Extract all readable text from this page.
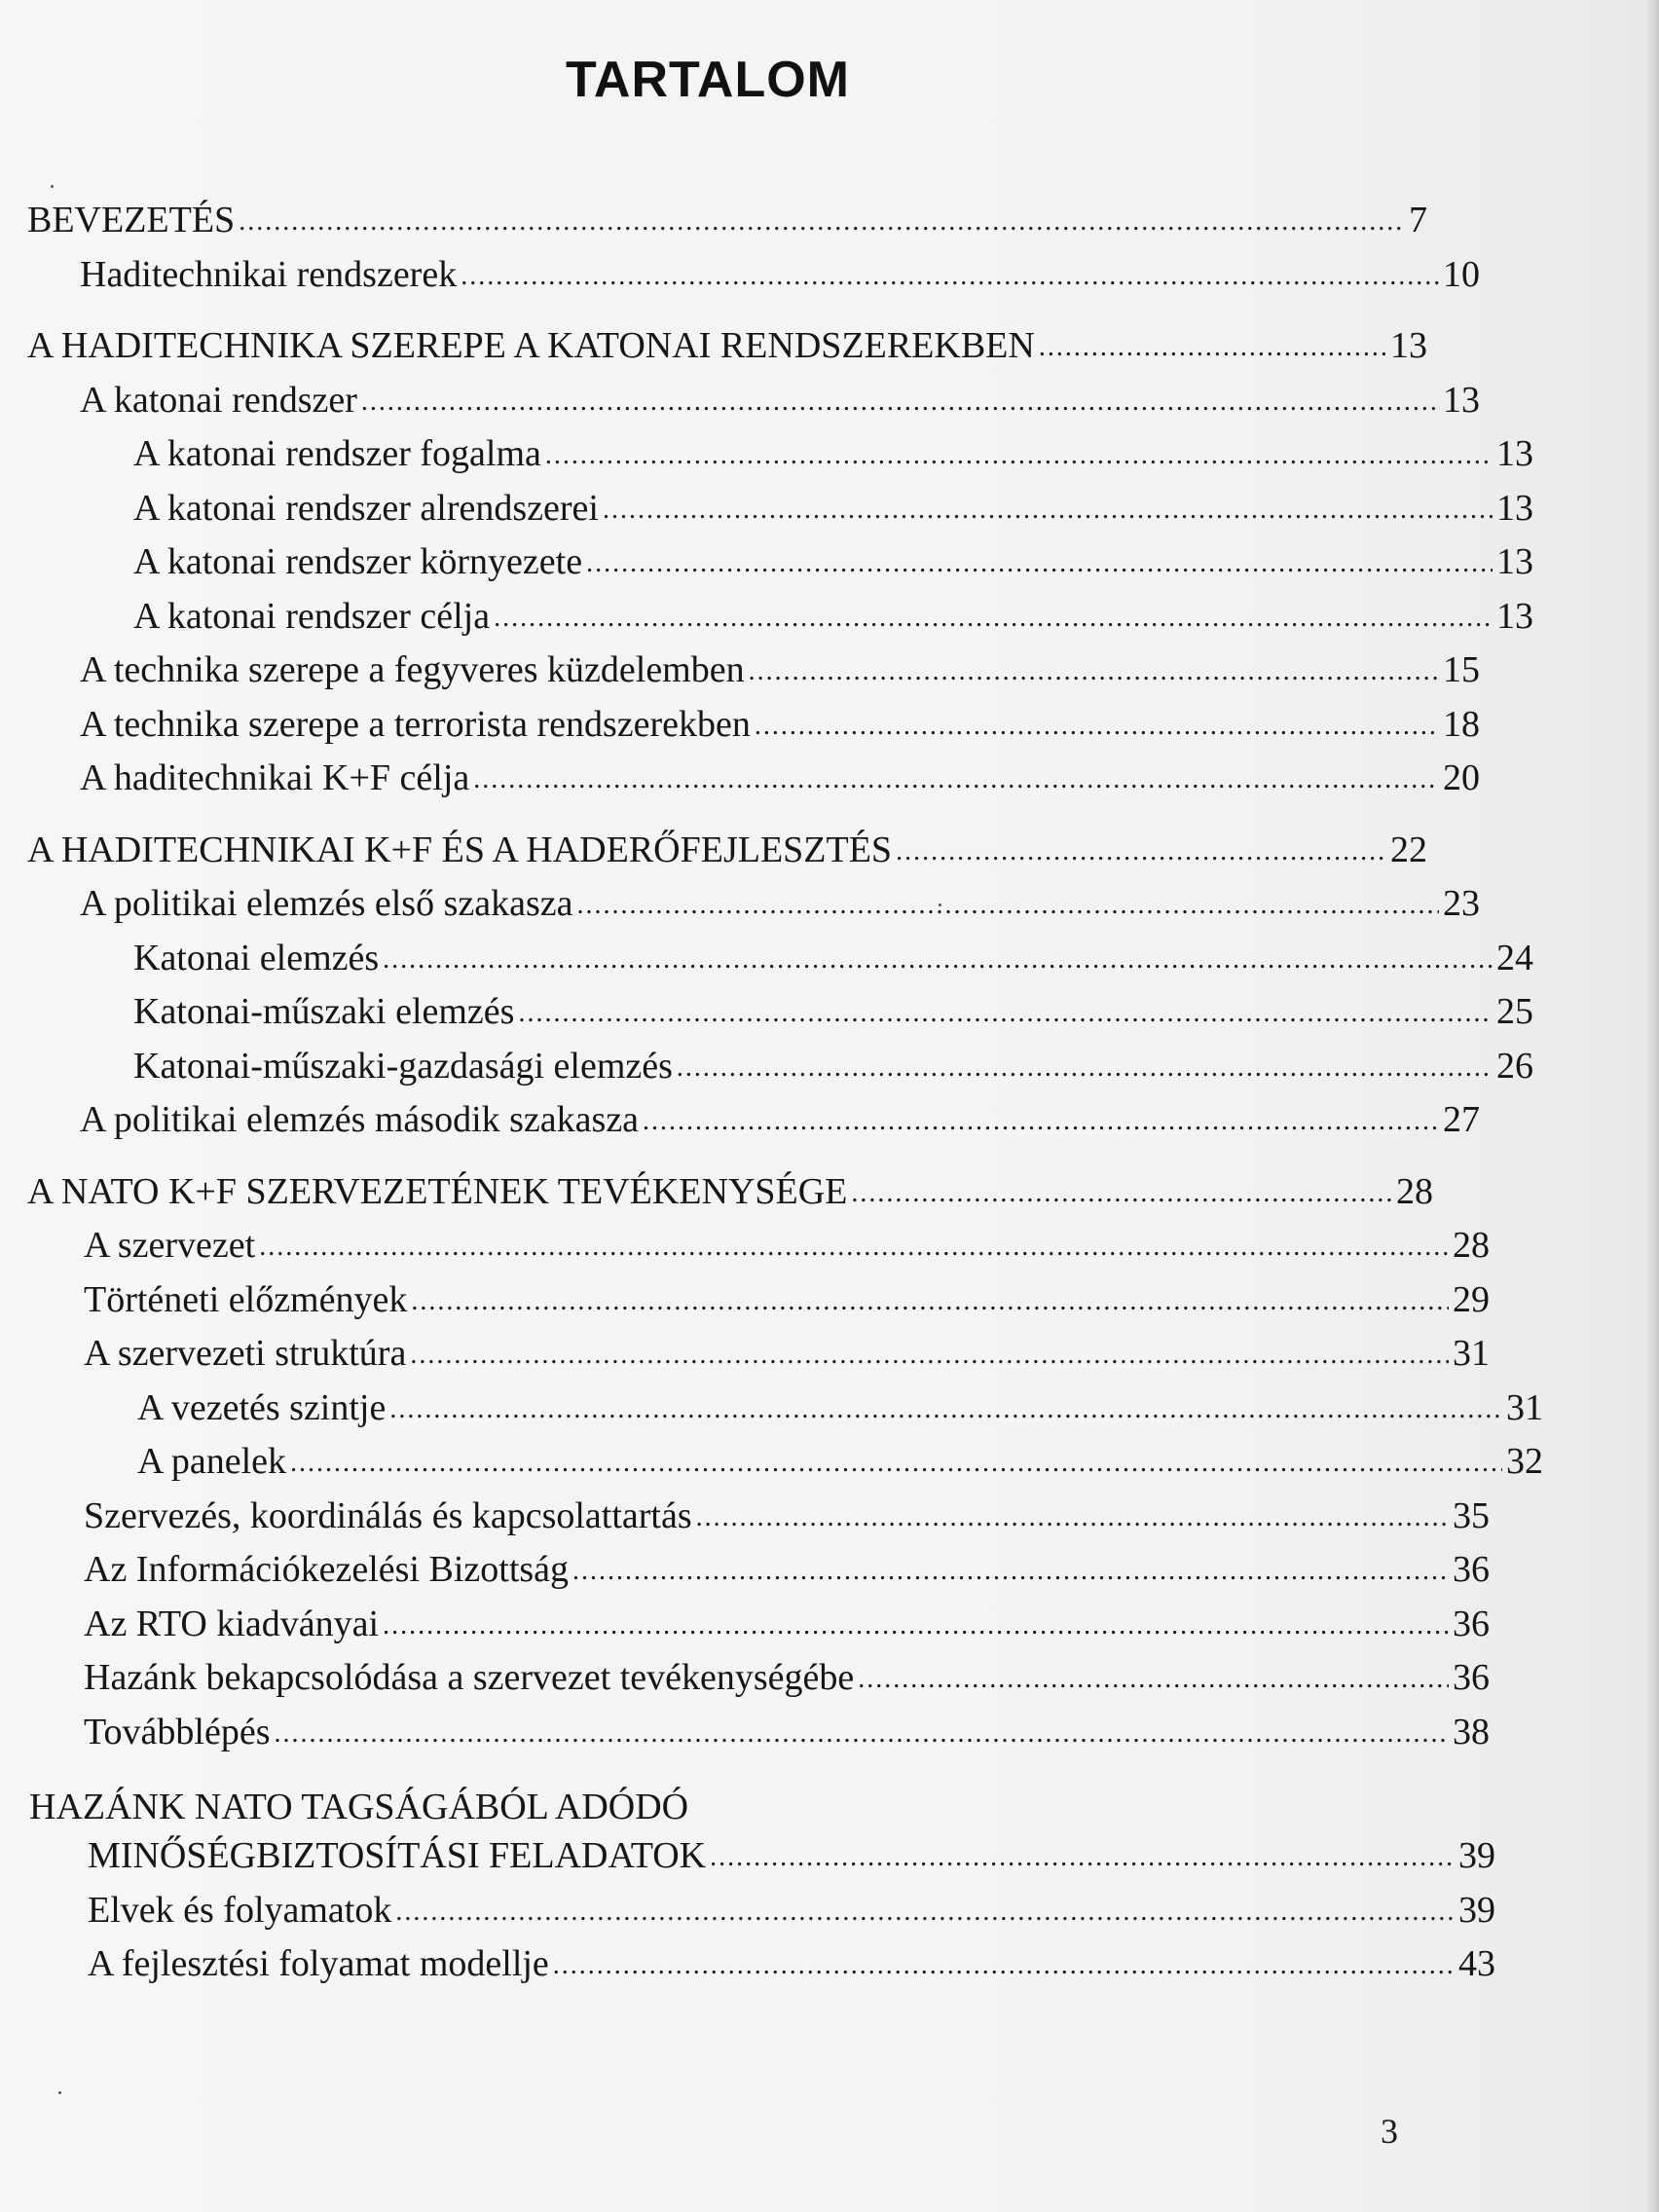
TARTALOM
BEVEZETÉS .....	7
Haditechnikai rendszerek .....	10
A HADITECHNIKA SZEREPE A KATONAI RENDSZEREKBEN .....	13
A katonai rendszer .....	13
A katonai rendszer fogalma .....	13
A katonai rendszer alrendszerei .....	13
A katonai rendszer környezete .....	13
A katonai rendszer célja .....	13
A technika szerepe a fegyveres küzdelemben .....	15
A technika szerepe a terrorista rendszerekben .....	18
A haditechnikai K+F célja .....	20
A HADITECHNIKAI K+F ÉS A HADERŐFEJLESZTÉS .....	22
A politikai elemzés első szakasza .....	23
Katonai elemzés .....	24
Katonai-műszaki elemzés .....	25
Katonai-műszaki-gazdasági elemzés .....	26
A politikai elemzés második szakasza .....	27
A NATO K+F SZERVEZETÉNEK TEVÉKENYSÉGE .....	28
A szervezet .....	28
Történeti előzmények .....	29
A szervezeti struktúra .....	31
A vezetés szintje .....	31
A panelek .....	32
Szervezés, koordinálás és kapcsolattartás .....	35
Az Információkezelési Bizottság .....	36
Az RTO kiadványai .....	36
Hazánk bekapcsolódása a szervezet tevékenységébe .....	36
Továbblépés .....	38
HAZÁNK NATO TAGSÁGÁBÓL ADÓDÓ
MINŐSÉGBIZTOSÍTÁSI FELADATOK .....	39
Elvek és folyamatok .....	39
A fejlesztési folyamat modellje .....	43
3
